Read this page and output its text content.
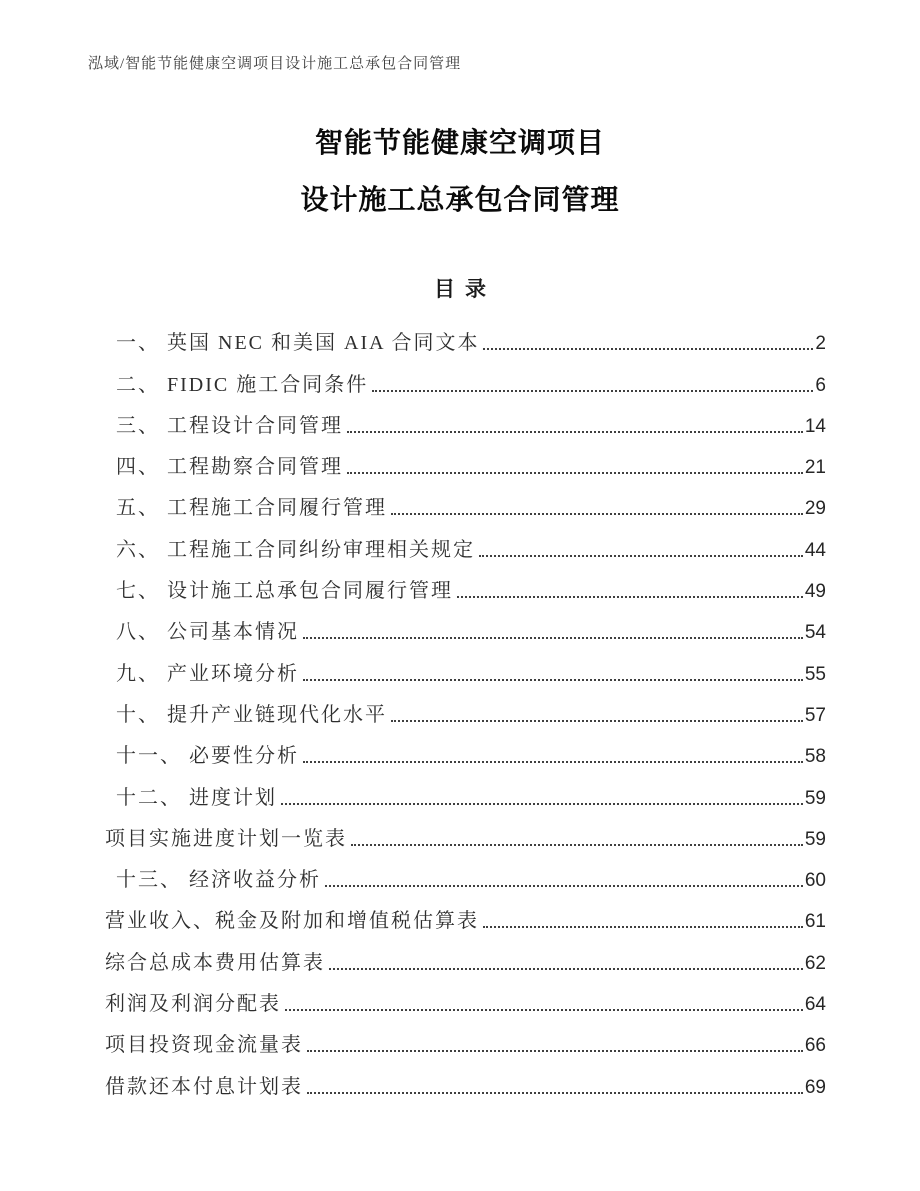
泓域/智能节能健康空调项目设计施工总承包合同管理
智能节能健康空调项目
设计施工总承包合同管理
目录
一、 英国 NEC 和美国 AIA 合同文本	2
二、 FIDIC 施工合同条件	6
三、 工程设计合同管理	14
四、 工程勘察合同管理	21
五、 工程施工合同履行管理	29
六、 工程施工合同纠纷审理相关规定	44
七、 设计施工总承包合同履行管理	49
八、 公司基本情况	54
九、 产业环境分析	55
十、 提升产业链现代化水平	57
十一、 必要性分析	58
十二、 进度计划	59
项目实施进度计划一览表	59
十三、 经济收益分析	60
营业收入、税金及附加和增值税估算表	61
综合总成本费用估算表	62
利润及利润分配表	64
项目投资现金流量表	66
借款还本付息计划表	69
